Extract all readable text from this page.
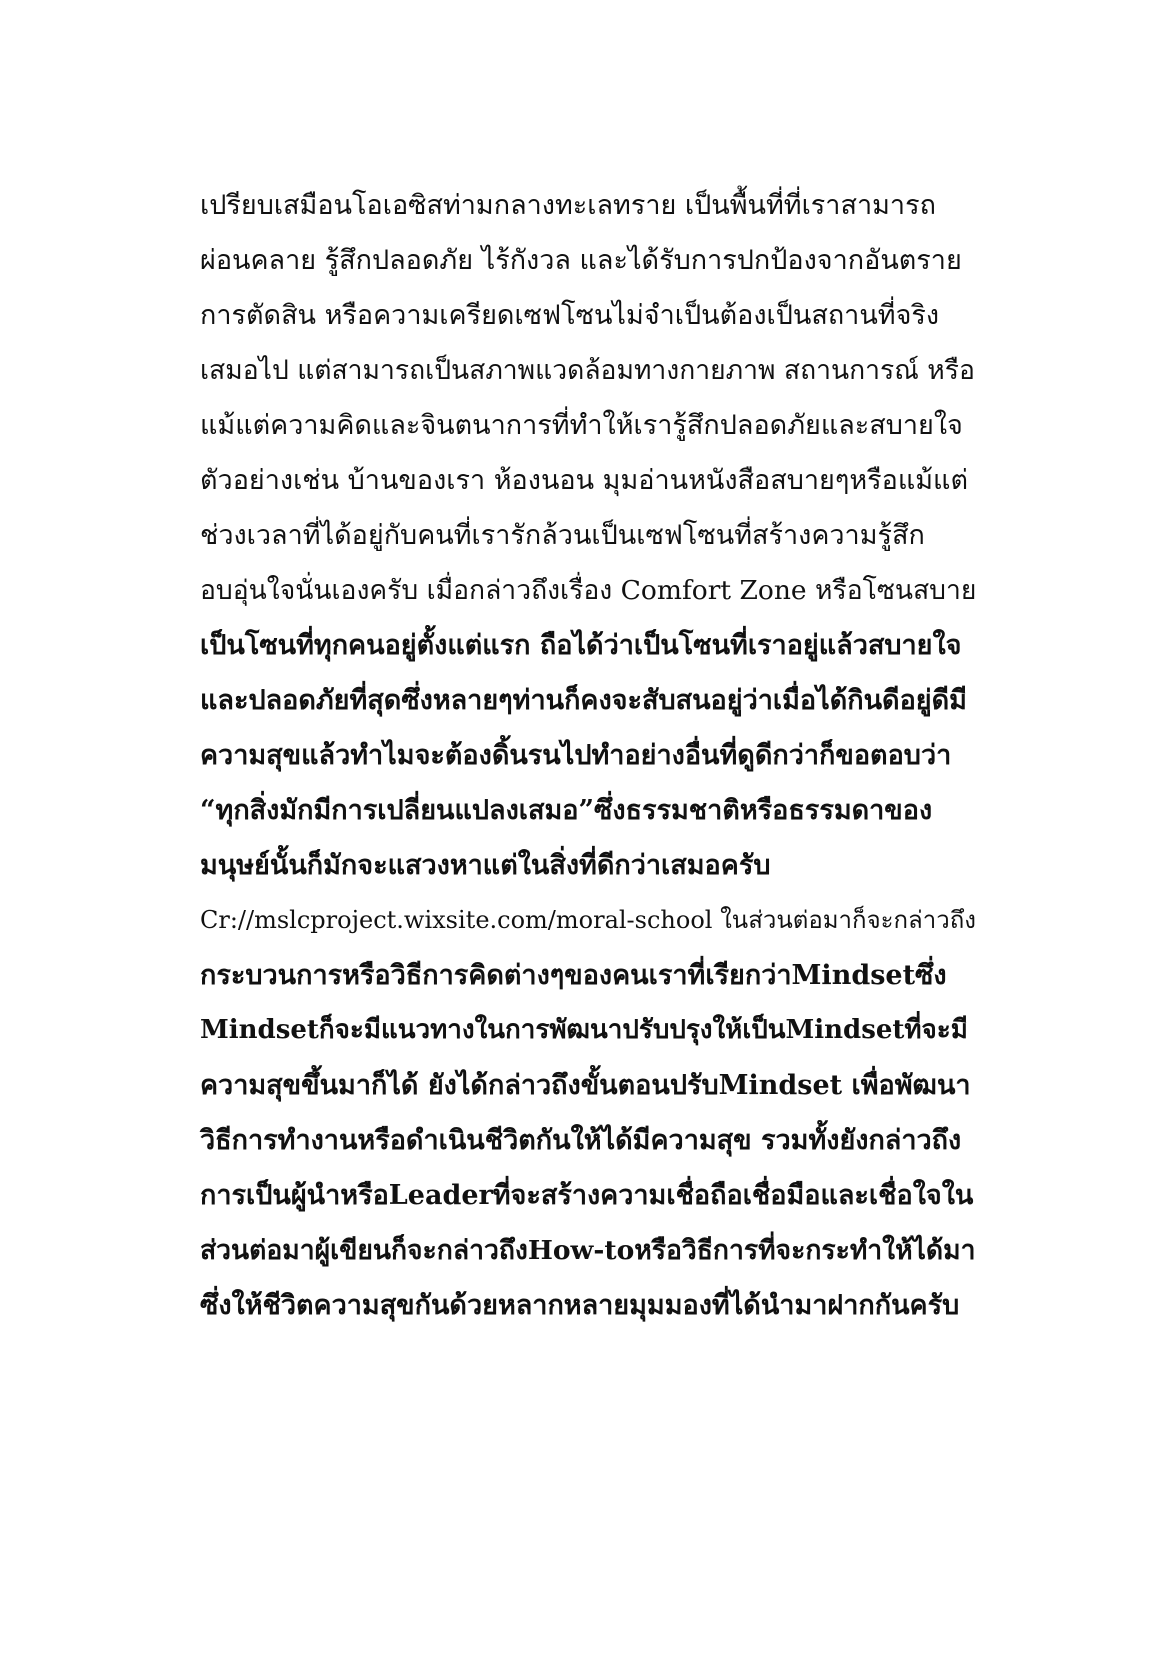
เปรียบเสมือนโอเอซิสท่ามกลางทะเลทราย เป็นพื้นที่ที่เราสามารถ
ผ่อนคลาย รู้สึกปลอดภัย ไร้กังวล และได้รับการปกป้องจากอันตราย
การตัดสิน หรือความเครียดเซฟโซนไม่จำเป็นต้องเป็นสถานที่จริง
เสมอไป แต่สามารถเป็นสภาพแวดล้อมทางกายภาพ สถานการณ์ หรือ
แม้แต่ความคิดและจินตนาการที่ทำให้เรารู้สึกปลอดภัยและสบายใจ
ตัวอย่างเช่น บ้านของเรา ห้องนอน มุมอ่านหนังสือสบายๆหรือแม้แต่
ช่วงเวลาที่ได้อยู่กับคนที่เรารักล้วนเป็นเซฟโซนที่สร้างความรู้สึก
อบอุ่นใจนั่นเองครับ เมื่อกล่าวถึงเรื่อง Comfort Zone หรือโซนสบาย
เป็นโซนที่ทุกคนอยู่ตั้งแต่แรก ถือได้ว่าเป็นโซนที่เราอยู่แล้วสบายใจ
และปลอดภัยที่สุดซึ่งหลายๆท่านก็คงจะสับสนอยู่ว่าเมื่อได้กินดีอยู่ดีมี
ความสุขแล้วทำไมจะต้องดิ้นรนไปทำอย่างอื่นที่ดูดีกว่าก็ขอตอบว่า
“ทุกสิ่งมักมีการเปลี่ยนแปลงเสมอ”ซึ่งธรรมชาติหรือธรรมดาของ
มนุษย์นั้นก็มักจะแสวงหาแต่ในสิ่งที่ดีกว่าเสมอครับ
Cr://mslcproject.wixsite.com/moral-school ในส่วนต่อมาก็จะกล่าวถึง
กระบวนการหรือวิธีการคิดต่างๆของคนเราที่เรียกว่าMindsetซึ่ง
Mindsetก็จะมีแนวทางในการพัฒนาปรับปรุงให้เป็นMindsetที่จะมี
ความสุขขึ้นมาก็ได้ ยังได้กล่าวถึงขั้นตอนปรับMindset เพื่อพัฒนา
วิธีการทำงานหรือดำเนินชีวิตกันให้ได้มีความสุข รวมทั้งยังกล่าวถึง
การเป็นผู้นำหรือLeaderที่จะสร้างความเชื่อถือเชื่อมือและเชื่อใจใน
ส่วนต่อมาผู้เขียนก็จะกล่าวถึงHow-toหรือวิธีการที่จะกระทำให้ได้มา
ซึ่งให้ชีวิตความสุขกันด้วยหลากหลายมุมมองที่ได้นำมาฝากกันครับ
